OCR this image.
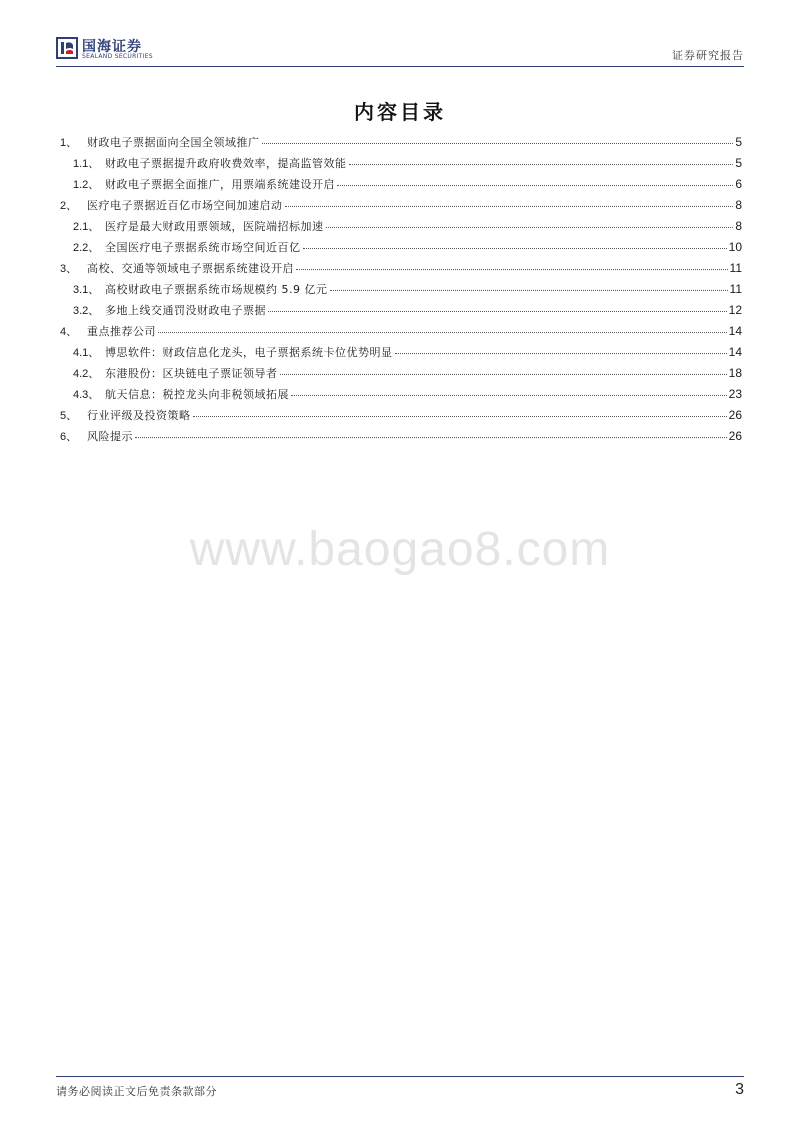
国海证券
SEALAND SECURITIES	证券研究报告
内容目录
1、 财政电子票据面向全国全领域推广	5
1.1、 财政电子票据提升政府收费效率，提高监管效能	5
1.2、 财政电子票据全面推广，用票端系统建设开启	6
2、 医疗电子票据近百亿市场空间加速启动	8
2.1、 医疗是最大财政用票领域，医院端招标加速	8
2.2、 全国医疗电子票据系统市场空间近百亿	10
3、 高校、交通等领域电子票据系统建设开启	11
3.1、 高校财政电子票据系统市场规模约 5.9 亿元	11
3.2、 多地上线交通罚没财政电子票据	12
4、 重点推荐公司	14
4.1、 博思软件：财政信息化龙头，电子票据系统卡位优势明显	14
4.2、 东港股份：区块链电子票证领导者	18
4.3、 航天信息：税控龙头向非税领域拓展	23
5、 行业评级及投资策略	26
6、 风险提示	26
www.baogao8.com
请务必阅读正文后免责条款部分	3
